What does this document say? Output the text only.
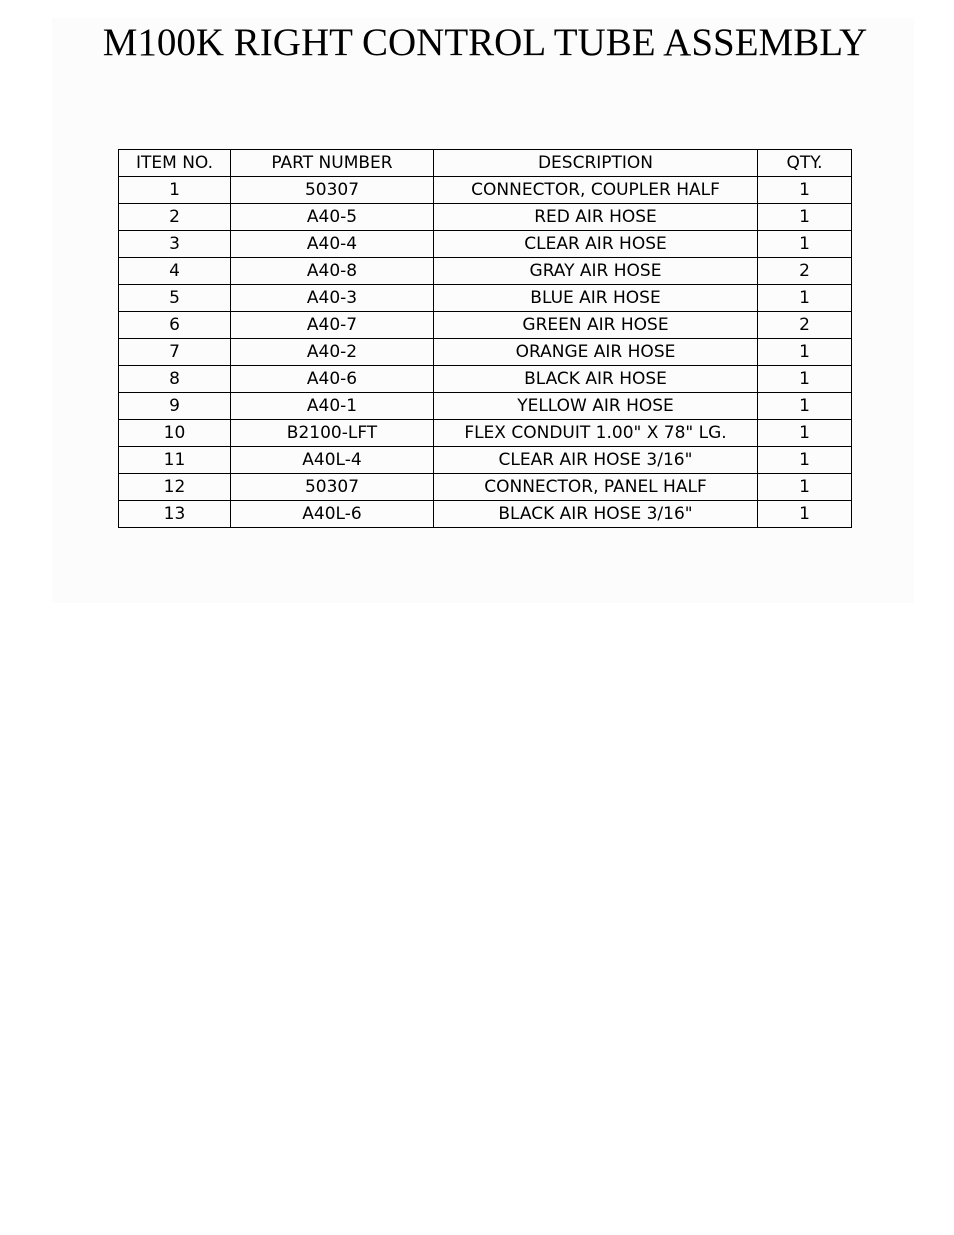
M100K RIGHT CONTROL TUBE ASSEMBLY
ITEM NO.	PART NUMBER	DESCRIPTION	QTY.
1	50307	CONNECTOR, COUPLER HALF	1
2	A40-5	RED AIR HOSE	1
3	A40-4	CLEAR AIR HOSE	1
4	A40-8	GRAY AIR HOSE	2
5	A40-3	BLUE AIR HOSE	1
6	A40-7	GREEN AIR HOSE	2
7	A40-2	ORANGE AIR HOSE	1
8	A40-6	BLACK AIR HOSE	1
9	A40-1	YELLOW AIR HOSE	1
10	B2100-LFT	FLEX CONDUIT 1.00" X 78" LG.	1
11	A40L-4	CLEAR AIR HOSE 3/16"	1
12	50307	CONNECTOR, PANEL HALF	1
13	A40L-6	BLACK AIR HOSE 3/16"	1
